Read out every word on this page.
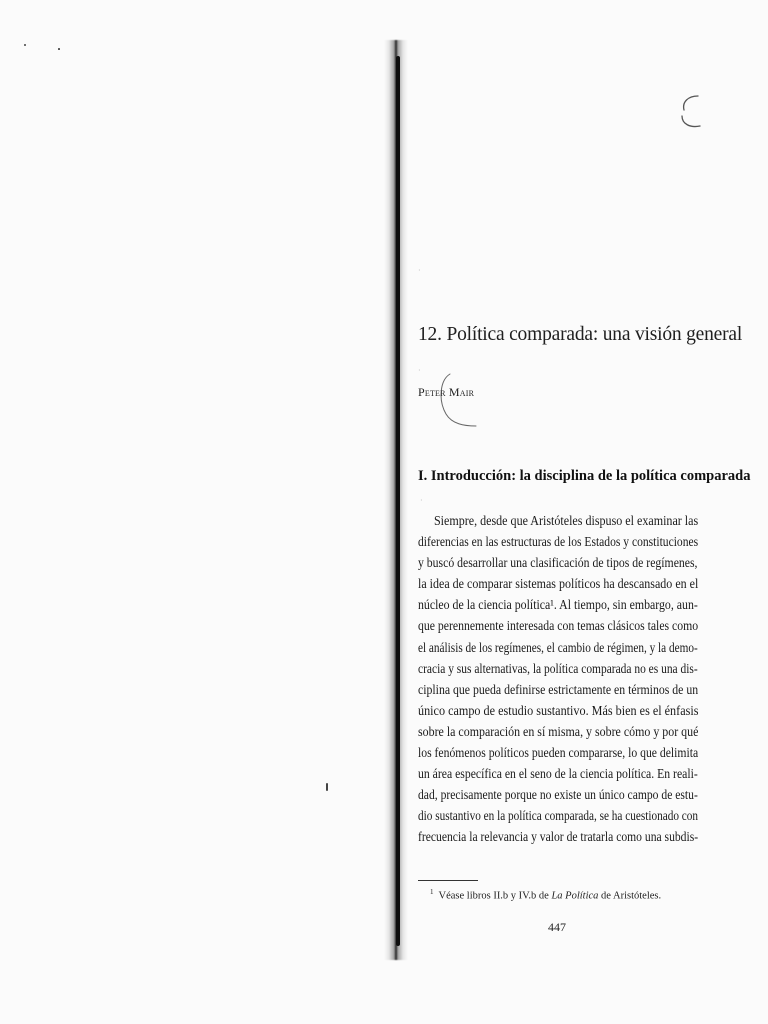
·
·
·
12. Política comparada: una visión general
Peter Mair
I. Introducción: la disciplina de la política comparada
Siempre, desde que Aristóteles dispuso el examinar las
diferencias en las estructuras de los Estados y constituciones
y buscó desarrollar una clasificación de tipos de regímenes,
la idea de comparar sistemas políticos ha descansado en el
núcleo de la ciencia política¹. Al tiempo, sin embargo, aun-
que perennemente interesada con temas clásicos tales como
el análisis de los regímenes, el cambio de régimen, y la demo-
cracia y sus alternativas, la política comparada no es una dis-
ciplina que pueda definirse estrictamente en términos de un
único campo de estudio sustantivo. Más bien es el énfasis
sobre la comparación en sí misma, y sobre cómo y por qué
los fenómenos políticos pueden compararse, lo que delimita
un área específica en el seno de la ciencia política. En reali-
dad, precisamente porque no existe un único campo de estu-
dio sustantivo en la política comparada, se ha cuestionado con
frecuencia la relevancia y valor de tratarla como una subdis-
$^1$ Véase libros II.b y IV.b de La Política de Aristóteles.
447
